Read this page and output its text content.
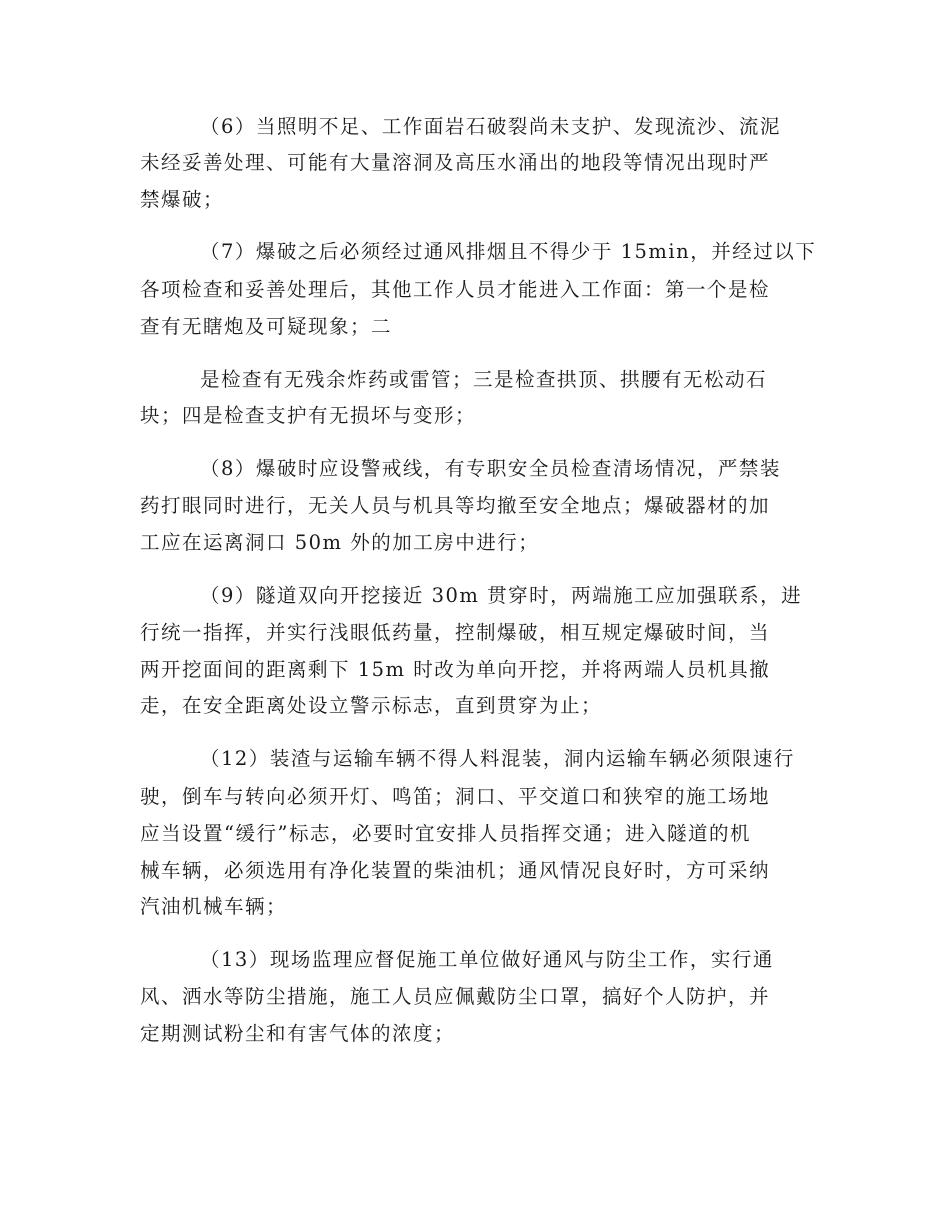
（6）当照明不足、工作面岩石破裂尚未支护、发现流沙、流泥
未经妥善处理、可能有大量溶洞及高压水涌出的地段等情况出现时严
禁爆破；
（7）爆破之后必须经过通风排烟且不得少于 15min，并经过以下
各项检查和妥善处理后，其他工作人员才能进入工作面：第一个是检
查有无瞎炮及可疑现象；二
是检查有无残余炸药或雷管；三是检查拱顶、拱腰有无松动石
块；四是检查支护有无损坏与变形；
（8）爆破时应设警戒线，有专职安全员检查清场情况，严禁装
药打眼同时进行，无关人员与机具等均撤至安全地点；爆破器材的加
工应在运离洞口 50m 外的加工房中进行；
（9）隧道双向开挖接近 30m 贯穿时，两端施工应加强联系，进
行统一指挥，并实行浅眼低药量，控制爆破，相互规定爆破时间，当
两开挖面间的距离剩下 15m 时改为单向开挖，并将两端人员机具撤
走，在安全距离处设立警示标志，直到贯穿为止；
（12）装渣与运输车辆不得人料混装，洞内运输车辆必须限速行
驶，倒车与转向必须开灯、鸣笛；洞口、平交道口和狭窄的施工场地
应当设置“缓行”标志，必要时宜安排人员指挥交通；进入隧道的机
械车辆，必须选用有净化装置的柴油机；通风情况良好时，方可采纳
汽油机械车辆；
（13）现场监理应督促施工单位做好通风与防尘工作，实行通
风、洒水等防尘措施，施工人员应佩戴防尘口罩，搞好个人防护，并
定期测试粉尘和有害气体的浓度；
